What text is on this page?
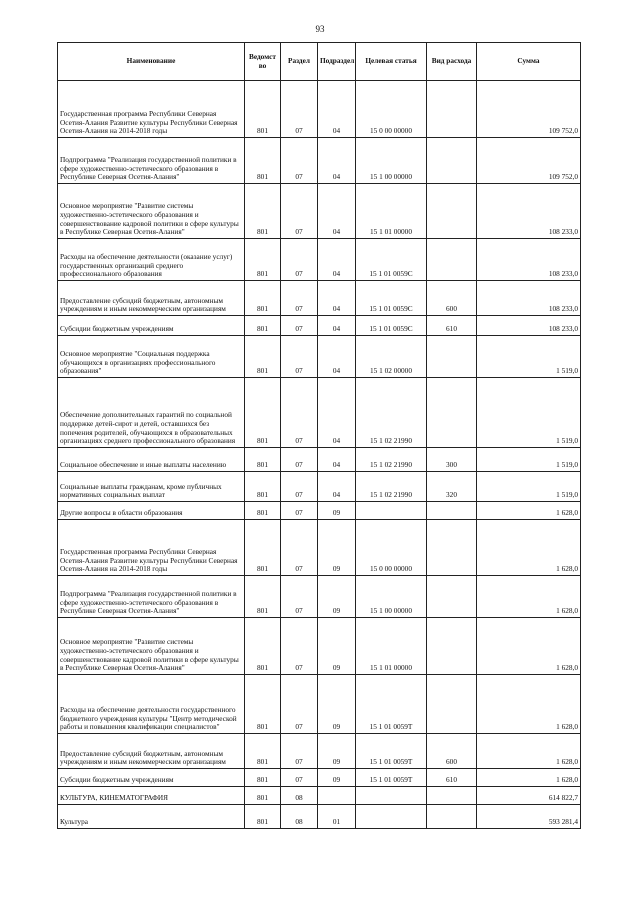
93
Наименование	Ведомст во	Раздел	Подраздел	Целевая статья	Вид расхода	Сумма
Государственная программа Республики Северная Осетия-Алания Развитие культуры Республики Северная Осетия-Алания на 2014-2018 годы	801	07	04	15 0 00 00000		109 752,0
Подпрограмма "Реализация государственной политики в сфере художественно-эстетического образования в Республике Северная Осетия-Алания"	801	07	04	15 1 00 00000		109 752,0
Основное мероприятие "Развитие системы художественно-эстетического образования и совершенствование кадровой политики в сфере культуры в Республике Северная Осетия-Алания"	801	07	04	15 1 01 00000		108 233,0
Расходы на обеспечение деятельности (оказание услуг) государственных организаций среднего профессионального образования	801	07	04	15 1 01 0059С		108 233,0
Предоставление субсидий бюджетным, автономным учреждениям и иным некоммерческим организациям	801	07	04	15 1 01 0059С	600	108 233,0
Субсидии бюджетным учреждениям	801	07	04	15 1 01 0059С	610	108 233,0
Основное мероприятие "Социальная поддержка обучающихся в организациях профессионального образования"	801	07	04	15 1 02 00000		1 519,0
Обеспечение дополнительных гарантий по социальной поддержке детей-сирот и детей, оставшихся без попечения родителей, обучающихся в образовательных организациях среднего профессионального образования	801	07	04	15 1 02 21990		1 519,0
Социальное обеспечение и иные выплаты населению	801	07	04	15 1 02 21990	300	1 519,0
Социальные выплаты гражданам, кроме публичных нормативных социальных выплат	801	07	04	15 1 02 21990	320	1 519,0
Другие вопросы в области образования	801	07	09			1 628,0
Государственная программа Республики Северная Осетия-Алания Развитие культуры Республики Северная Осетия-Алания на 2014-2018 годы	801	07	09	15 0 00 00000		1 628,0
Подпрограмма "Реализация государственной политики в сфере художественно-эстетического образования в Республике Северная Осетия-Алания"	801	07	09	15 1 00 00000		1 628,0
Основное мероприятие "Развитие системы художественно-эстетического образования и совершенствование кадровой политики в сфере культуры в Республике Северная Осетия-Алания"	801	07	09	15 1 01 00000		1 628,0
Расходы на обеспечение деятельности государственного бюджетного учреждения культуры "Центр методической работы и повышения квалификации специалистов"	801	07	09	15 1 01 0059Т		1 628,0
Предоставление субсидий бюджетным, автономным учреждениям и иным некоммерческим организациям	801	07	09	15 1 01 0059Т	600	1 628,0
Субсидии бюджетным учреждениям	801	07	09	15 1 01 0059Т	610	1 628,0
КУЛЬТУРА, КИНЕМАТОГРАФИЯ	801	08				614 822,7
Культура	801	08	01			593 281,4
